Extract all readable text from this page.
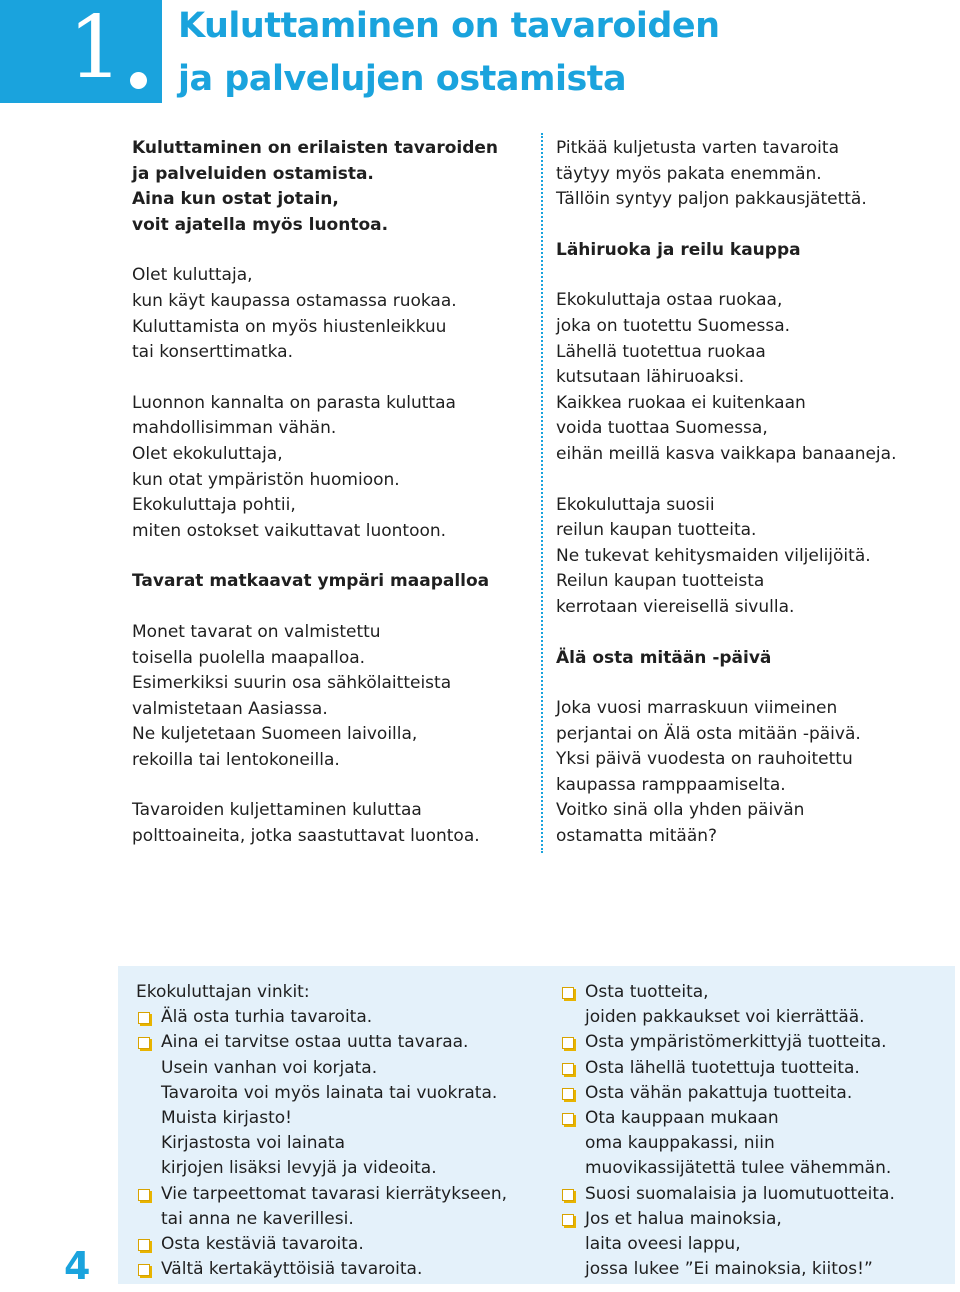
1 Kuluttaminen on tavaroiden
ja palvelujen ostamista
Kuluttaminen on erilaisten tavaroiden
ja palveluiden ostamista.
Aina kun ostat jotain,
voit ajatella myös luontoa.
Olet kuluttaja,
kun käyt kaupassa ostamassa ruokaa.
Kuluttamista on myös hiustenleikkuu
tai konserttimatka.
Luonnon kannalta on parasta kuluttaa
mahdollisimman vähän.
Olet ekokuluttaja,
kun otat ympäristön huomioon.
Ekokuluttaja pohtii,
miten ostokset vaikuttavat luontoon.
Tavarat matkaavat ympäri maapalloa
Monet tavarat on valmistettu
toisella puolella maapalloa.
Esimerkiksi suurin osa sähkölaitteista
valmistetaan Aasiassa.
Ne kuljetetaan Suomeen laivoilla,
rekoilla tai lentokoneilla.
Tavaroiden kuljettaminen kuluttaa
polttoaineita, jotka saastuttavat luontoa.
Pitkää kuljetusta varten tavaroita
täytyy myös pakata enemmän.
Tällöin syntyy paljon pakkausjätettä.
Lähiruoka ja reilu kauppa
Ekokuluttaja ostaa ruokaa,
joka on tuotettu Suomessa.
Lähellä tuotettua ruokaa
kutsutaan lähiruoaksi.
Kaikkea ruokaa ei kuitenkaan
voida tuottaa Suomessa,
eihän meillä kasva vaikkapa banaaneja.
Ekokuluttaja suosii
reilun kaupan tuotteita.
Ne tukevat kehitysmaiden viljelijöitä.
Reilun kaupan tuotteista
kerrotaan viereisellä sivulla.
Älä osta mitään -päivä
Joka vuosi marraskuun viimeinen
perjantai on Älä osta mitään -päivä.
Yksi päivä vuodesta on rauhoitettu
kaupassa ramppaamiselta.
Voitko sinä olla yhden päivän
ostamatta mitään?
Ekokuluttajan vinkit:
Älä osta turhia tavaroita.
Aina ei tarvitse ostaa uutta tavaraa.
Usein vanhan voi korjata.
Tavaroita voi myös lainata tai vuokrata.
Muista kirjasto!
Kirjastosta voi lainata
kirjojen lisäksi levyjä ja videoita.
Vie tarpeettomat tavarasi kierrätykseen,
tai anna ne kaverillesi.
Osta kestäviä tavaroita.
Vältä kertakäyttöisiä tavaroita.
Osta tuotteita,
joiden pakkaukset voi kierrättää.
Osta ympäristömerkittyjä tuotteita.
Osta lähellä tuotettuja tuotteita.
Osta vähän pakattuja tuotteita.
Ota kauppaan mukaan
oma kauppakassi, niin
muovikassijätettä tulee vähemmän.
Suosi suomalaisia ja luomutuotteita.
Jos et halua mainoksia,
laita oveesi lappu,
jossa lukee ”Ei mainoksia, kiitos!”
4
